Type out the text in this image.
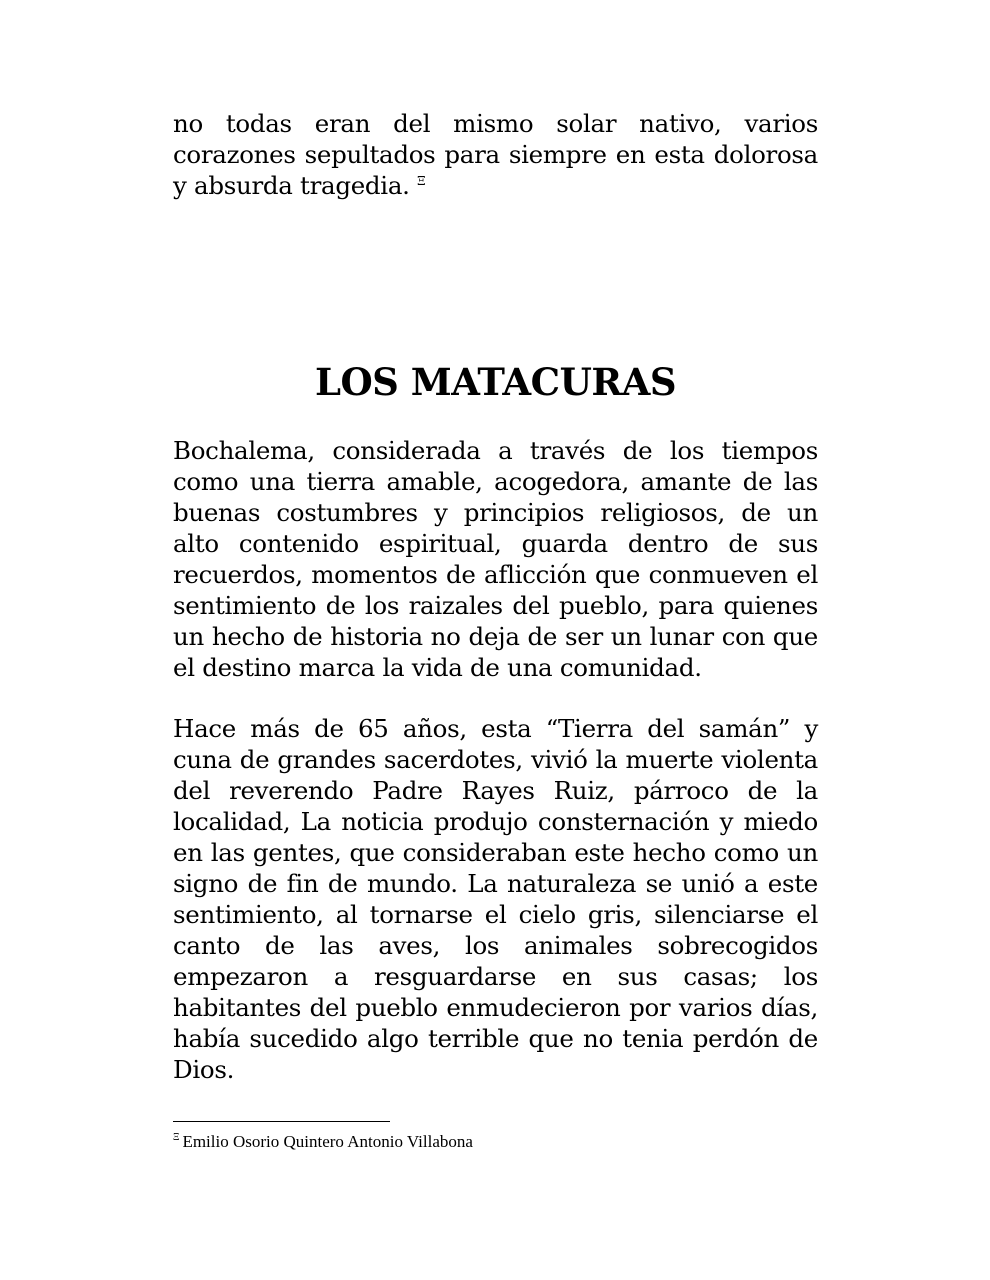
no todas eran del mismo solar nativo, varios corazones sepultados para siempre en esta dolorosa y absurda tragedia. $^\Xi$

LOS MATACURAS

Bochalema, considerada a través de los tiempos como una tierra amable, acogedora, amante de las buenas costumbres y principios religiosos, de un alto contenido espiritual, guarda dentro de sus recuerdos, momentos de aflicción que conmueven el sentimiento de los raizales del pueblo, para quienes un hecho de historia no deja de ser un lunar con que el destino marca la vida de una comunidad.

Hace más de 65 años, esta “Tierra del samán” y cuna de grandes sacerdotes, vivió la muerte violenta del reverendo Padre Rayes Ruiz, párroco de la localidad, La noticia produjo consternación y miedo en las gentes, que consideraban este hecho como un signo de fin de mundo. La naturaleza se unió a este sentimiento, al tornarse el cielo gris, silenciarse el canto de las aves, los animales sobrecogidos empezaron a resguardarse en sus casas; los habitantes del pueblo enmudecieron por varios días, había sucedido algo terrible que no tenia perdón de Dios.

$^\Xi$ Emilio Osorio Quintero Antonio Villabona
